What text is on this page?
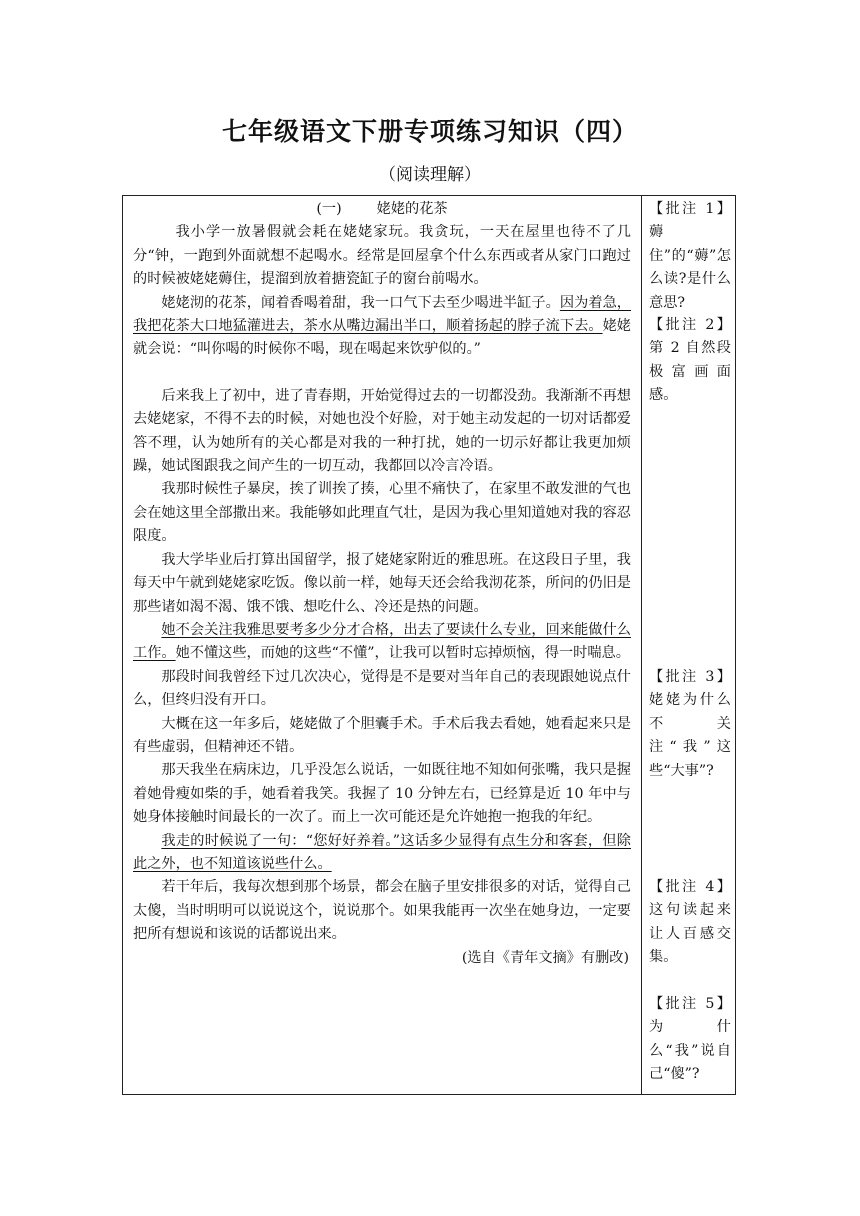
七年级语文下册专项练习知识（四）
（阅读理解）
(一) 姥姥的花茶

我小学一放暑假就会耗在姥姥家玩。我贪玩，一天在屋里也待不了几分“钟，一跑到外面就想不起喝水。经常是回屋拿个什么东西或者从家门口跑过的时候被姥姥薅住，提溜到放着搪瓷缸子的窗台前喝水。

姥姥沏的花茶，闻着香喝着甜，我一口气下去至少喝进半缸子。因为着急，我把花茶大口地猛灌进去，茶水从嘴边漏出半口，顺着扬起的脖子流下去。姥姥就会说：“叫你喝的时候你不喝，现在喝起来饮驴似的。”

后来我上了初中，进了青春期，开始觉得过去的一切都没劲。我渐渐不再想去姥姥家，不得不去的时候，对她也没个好脸，对于她主动发起的一切对话都爱答不理，认为她所有的关心都是对我的一种打扰，她的一切示好都让我更加烦躁，她试图跟我之间产生的一切互动，我都回以冷言冷语。

我那时候性子暴戾，挨了训挨了揍，心里不痛快了，在家里不敢发泄的气也会在她这里全部撒出来。我能够如此理直气壮，是因为我心里知道她对我的容忍限度。

我大学毕业后打算出国留学，报了姥姥家附近的雅思班。在这段日子里，我每天中午就到姥姥家吃饭。像以前一样，她每天还会给我沏花茶，所问的仍旧是那些诸如渴不渴、饿不饿、想吃什么、冷还是热的问题。

她不会关注我雅思要考多少分才合格，出去了要读什么专业，回来能做什么工作。她不懂这些，而她的这些“不懂”，让我可以暂时忘掉烦恼，得一时喘息。

那段时间我曾经下过几次决心，觉得是不是要对当年自己的表现跟她说点什么，但终归没有开口。

大概在这一年多后，姥姥做了个胆囊手术。手术后我去看她，她看起来只是有些虚弱，但精神还不错。

那天我坐在病床边，几乎没怎么说话，一如既往地不知如何张嘴，我只是握着她骨瘦如柴的手，她看着我笑。我握了 10 分钟左右，已经算是近 10 年中与她身体接触时间最长的一次了。而上一次可能还是允许她抱一抱我的年纪。

我走的时候说了一句：“您好好养着。”这话多少显得有点生分和客套，但除此之外，也不知道该说些什么。

若干年后，我每次想到那个场景，都会在脑子里安排很多的对话，觉得自己太傻，当时明明可以说说这个，说说那个。如果我能再一次坐在她身边，一定要把所有想说和该说的话都说出来。

(选自《青年文摘》有删改)
【批注 1】薅住”的“薅”怎么读?是什么意思?
【批注 2】第 2 自然段极富画面感。
【批注 3】姥姥为什么不关注“我”这些“大事”?
【批注 4】这句读起来让人百感交集。
【批注 5】为什么“我”说自己“傻”?
